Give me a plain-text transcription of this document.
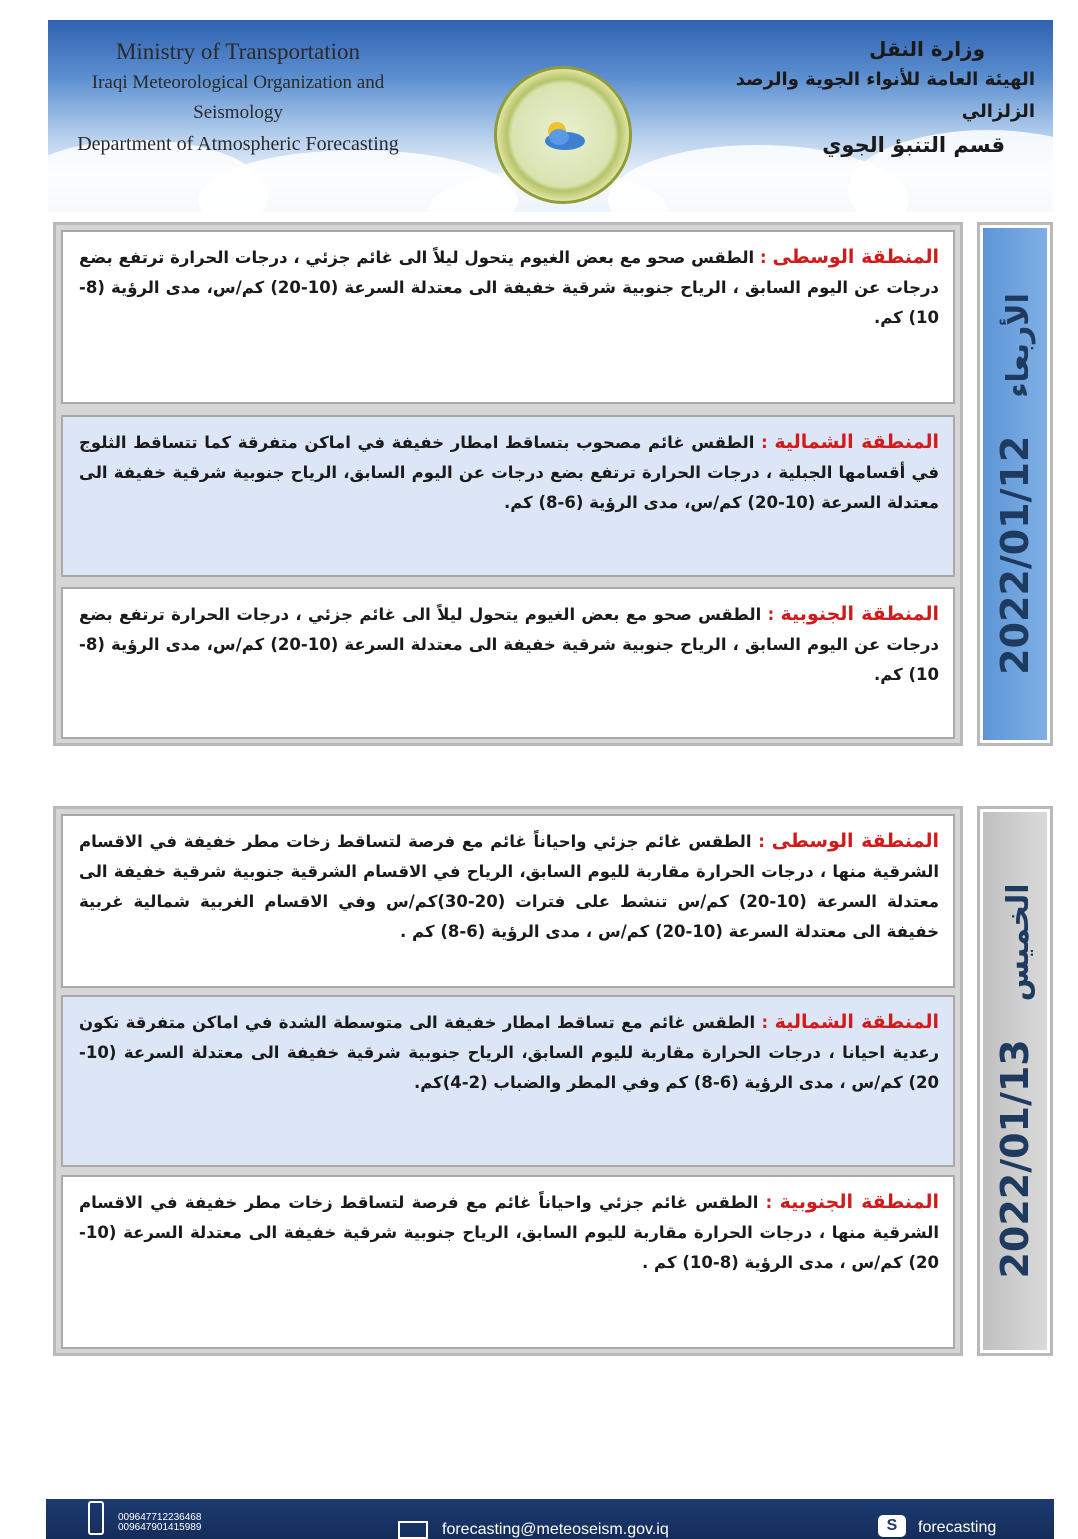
Ministry of Transportation
Iraqi Meteorological Organization and Seismology
Department of Atmospheric Forecasting
وزارة النقل
الهيئة العامة للأنواء الجوية والرصد الزلزالي
قسم التنبؤ الجوي
المنطقة الوسطى : الطقس صحو مع بعض الغيوم يتحول ليلاً الى غائم جزئي ، درجات الحرارة ترتفع بضع درجات عن اليوم السابق ، الرياح جنوبية شرقية خفيفة الى معتدلة السرعة (10-20) كم/س، مدى الرؤية (8-10) كم.
المنطقة الشمالية : الطقس غائم مصحوب بتساقط امطار خفيفة في اماكن متفرقة كما تتساقط الثلوج في أقسامها الجبلية ، درجات الحرارة ترتفع بضع درجات عن اليوم السابق، الرياح جنوبية شرقية خفيفة الى معتدلة السرعة (10-20) كم/س، مدى الرؤية (6-8) كم.
المنطقة الجنوبية : الطقس صحو مع بعض الغيوم يتحول ليلاً الى غائم جزئي ، درجات الحرارة ترتفع بضع درجات عن اليوم السابق ، الرياح جنوبية شرقية خفيفة الى معتدلة السرعة (10-20) كم/س، مدى الرؤية (8-10) كم.	2022/01/12 الأربعاء
المنطقة الوسطى : الطقس غائم جزئي واحياناً غائم مع فرصة لتساقط زخات مطر خفيفة في الاقسام الشرقية منها ، درجات الحرارة مقاربة لليوم السابق، الرياح في الاقسام الشرقية جنوبية شرقية خفيفة الى معتدلة السرعة (10-20) كم/س تنشط على فترات (20-30)كم/س وفي الاقسام الغربية شمالية غربية خفيفة الى معتدلة السرعة (10-20) كم/س ، مدى الرؤية (6-8) كم .
المنطقة الشمالية : الطقس غائم مع تساقط امطار خفيفة الى متوسطة الشدة في اماكن متفرقة تكون رعدية احيانا ، درجات الحرارة مقاربة لليوم السابق، الرياح جنوبية شرقية خفيفة الى معتدلة السرعة (10-20) كم/س ، مدى الرؤية (6-8) كم وفي المطر والضباب (2-4)كم.
المنطقة الجنوبية : الطقس غائم جزئي واحياناً غائم مع فرصة لتساقط زخات مطر خفيفة في الاقسام الشرقية منها ، درجات الحرارة مقاربة لليوم السابق، الرياح جنوبية شرقية خفيفة الى معتدلة السرعة (10-20) كم/س ، مدى الرؤية (8-10) كم .	2022/01/13 الخميس
009647712236468
009647901415989	forecasting@meteoseism.gov.iq	S	forecasting
